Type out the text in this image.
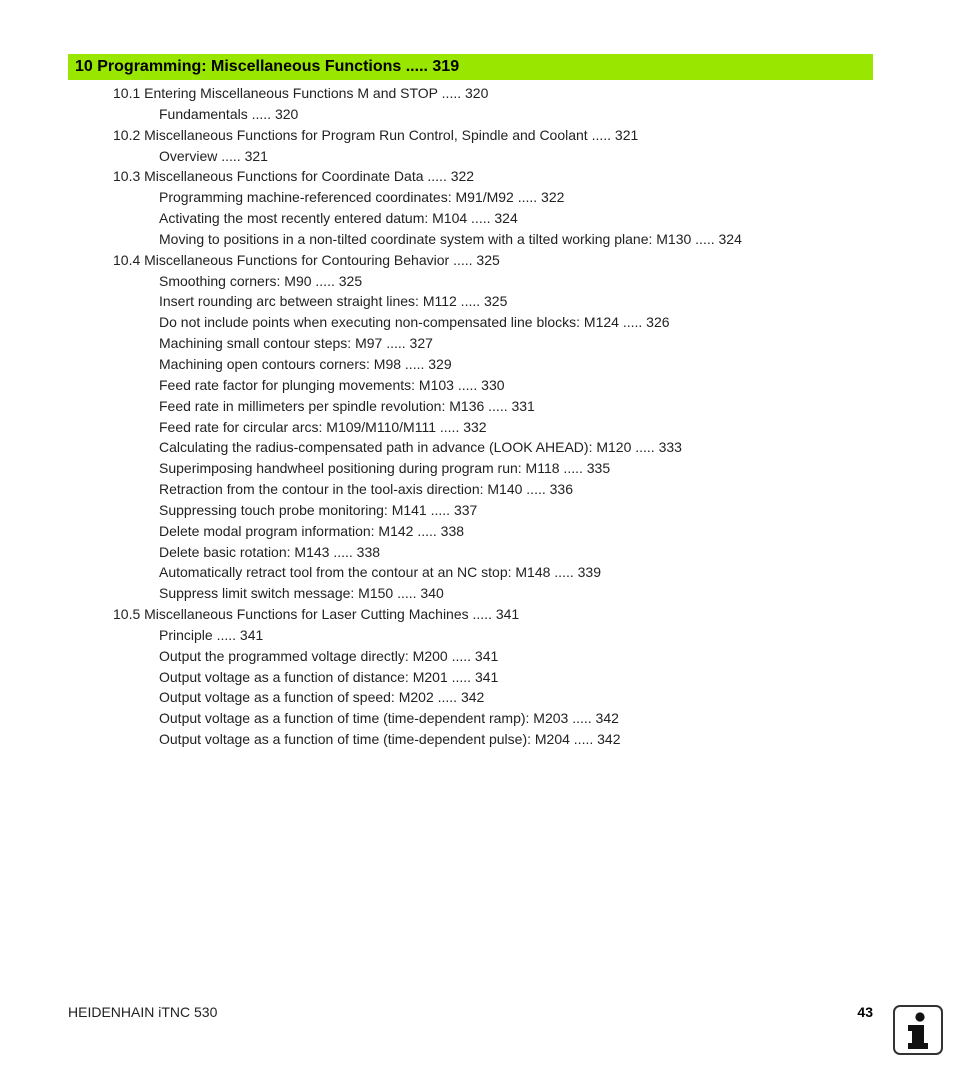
10 Programming: Miscellaneous Functions ..... 319
10.1 Entering Miscellaneous Functions M and STOP ..... 320
Fundamentals ..... 320
10.2 Miscellaneous Functions for Program Run Control, Spindle and Coolant ..... 321
Overview ..... 321
10.3 Miscellaneous Functions for Coordinate Data ..... 322
Programming machine-referenced coordinates: M91/M92 ..... 322
Activating the most recently entered datum: M104 ..... 324
Moving to positions in a non-tilted coordinate system with a tilted working plane: M130 ..... 324
10.4 Miscellaneous Functions for Contouring Behavior ..... 325
Smoothing corners: M90 ..... 325
Insert rounding arc between straight lines: M112 ..... 325
Do not include points when executing non-compensated line blocks: M124 ..... 326
Machining small contour steps: M97 ..... 327
Machining open contours corners: M98 ..... 329
Feed rate factor for plunging movements: M103 ..... 330
Feed rate in millimeters per spindle revolution: M136 ..... 331
Feed rate for circular arcs: M109/M110/M111 ..... 332
Calculating the radius-compensated path in advance (LOOK AHEAD): M120 ..... 333
Superimposing handwheel positioning during program run: M118 ..... 335
Retraction from the contour in the tool-axis direction: M140 ..... 336
Suppressing touch probe monitoring: M141 ..... 337
Delete modal program information: M142 ..... 338
Delete basic rotation: M143 ..... 338
Automatically retract tool from the contour at an NC stop: M148 ..... 339
Suppress limit switch message: M150 ..... 340
10.5 Miscellaneous Functions for Laser Cutting Machines ..... 341
Principle ..... 341
Output the programmed voltage directly: M200 ..... 341
Output voltage as a function of distance: M201 ..... 341
Output voltage as a function of speed: M202 ..... 342
Output voltage as a function of time (time-dependent ramp): M203 ..... 342
Output voltage as a function of time (time-dependent pulse): M204 ..... 342
HEIDENHAIN iTNC 530	43
